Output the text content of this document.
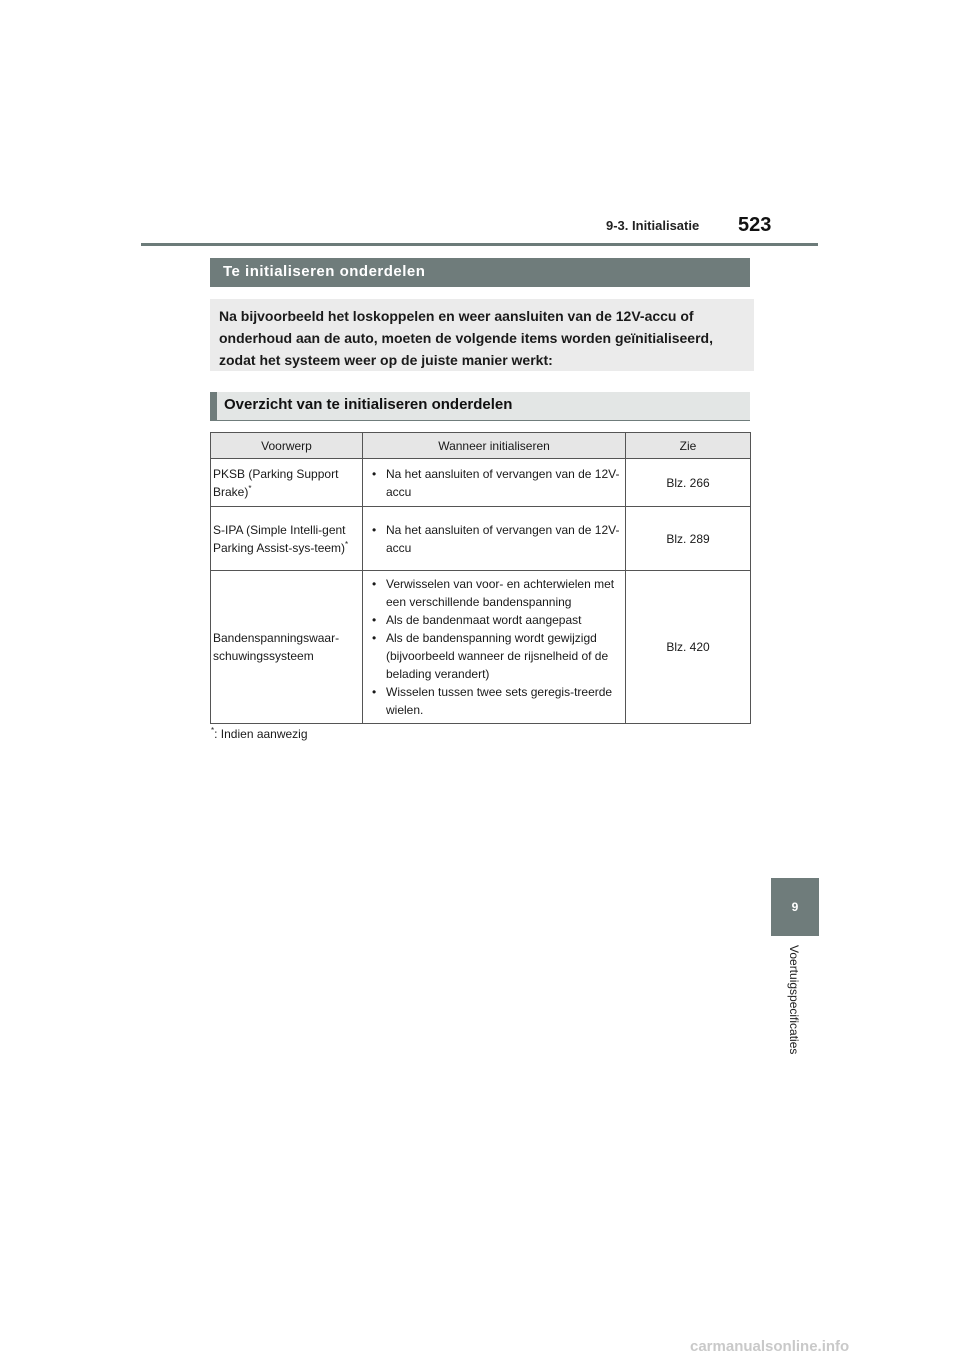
9-3. Initialisatie 523
Te initialiseren onderdelen

Na bijvoorbeeld het loskoppelen en weer aansluiten van de 12V-accu of onderhoud aan de auto, moeten de volgende items worden geïnitialiseerd, zodat het systeem weer op de juiste manier werkt:

Overzicht van te initialiseren onderdelen
Voorwerp	Wanneer initialiseren	Zie
PKSB (Parking Support Brake)*	• Na het aansluiten of vervangen van de 12V-accu	Blz. 266
S-IPA (Simple Intelli-gent Parking Assist-sys-teem)*	• Na het aansluiten of vervangen van de 12V-accu	Blz. 289
Bandenspanningswaar-schuwingssysteem	• Verwisselen van voor- en achterwielen met een verschillende bandenspanning
• Als de bandenmaat wordt aangepast
• Als de bandenspanning wordt gewijzigd (bijvoorbeeld wanneer de rijsnelheid of de belading verandert)
• Wisselen tussen twee sets geregis-treerde wielen.	Blz. 420
*: Indien aanwezig
9
Voertuigspecificaties
carmanualsonline.info
